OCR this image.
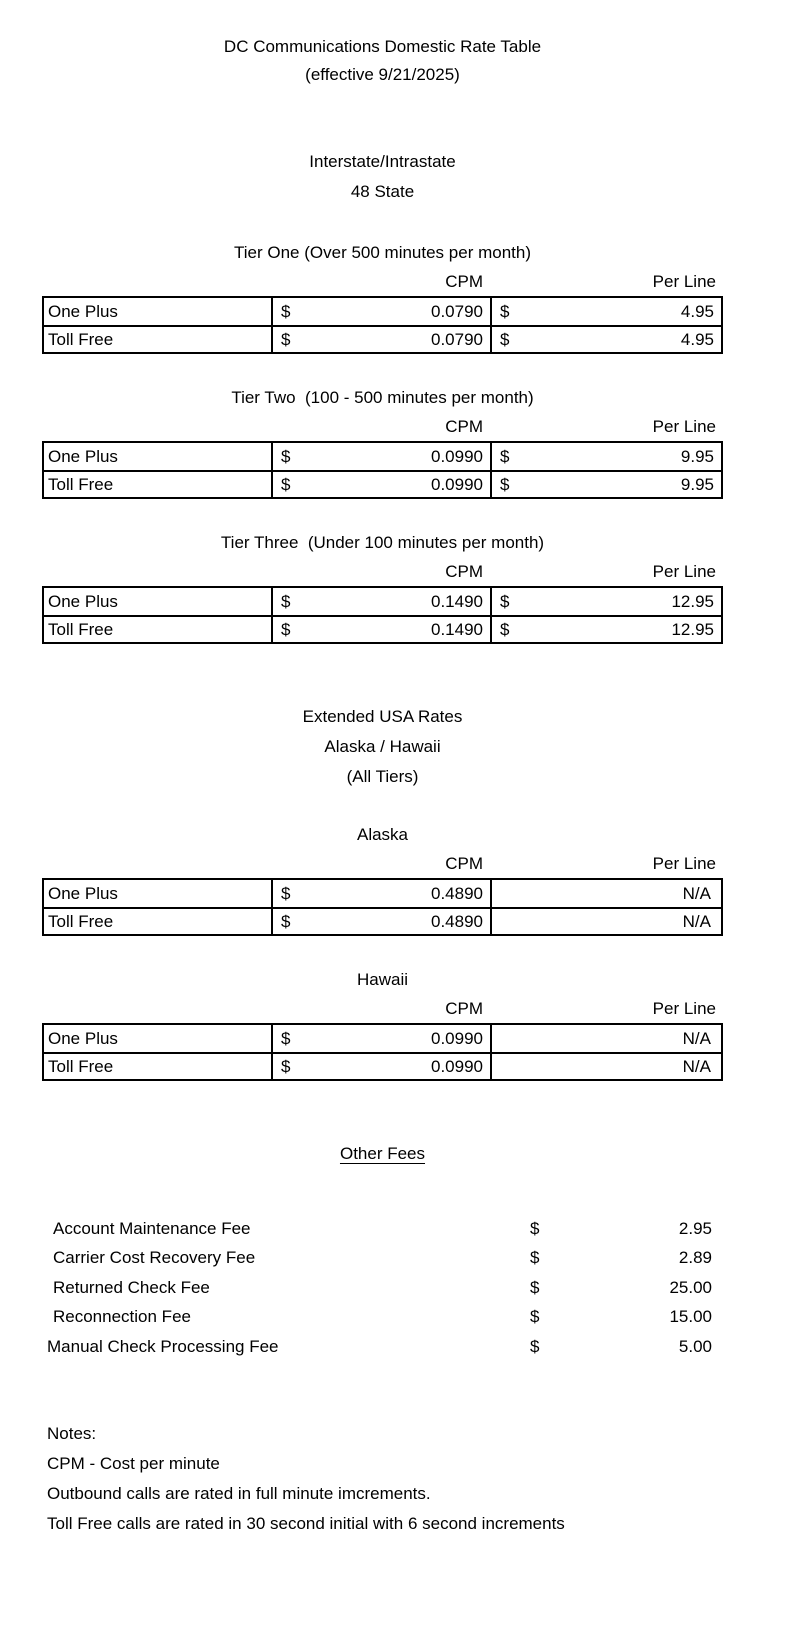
DC Communications Domestic Rate Table
(effective 9/21/2025)
Interstate/Intrastate
48 State
Tier One (Over 500 minutes per month)
CPM	Per Line
One Plus	$	0.0790 $	4.95
Toll Free	$	0.0790 $	4.95
Tier Two  (100 - 500 minutes per month)
CPM	Per Line
One Plus	$	0.0990 $	9.95
Toll Free	$	0.0990 $	9.95
Tier Three  (Under 100 minutes per month)
CPM	Per Line
One Plus	$	0.1490 $	12.95
Toll Free	$	0.1490 $	12.95
Extended USA Rates
Alaska / Hawaii
(All Tiers)
Alaska
CPM	Per Line
One Plus	$	0.4890	N/A
Toll Free	$	0.4890	N/A
Hawaii
CPM	Per Line
One Plus	$	0.0990	N/A
Toll Free	$	0.0990	N/A
Other Fees
Account Maintenance Fee	$	2.95
Carrier Cost Recovery Fee	$	2.89
Returned Check Fee	$	25.00
Reconnection Fee	$	15.00
Manual Check Processing Fee	$	5.00
Notes:
CPM - Cost per minute
Outbound calls are rated in full minute imcrements.
Toll Free calls are rated in 30 second initial with 6 second increments
